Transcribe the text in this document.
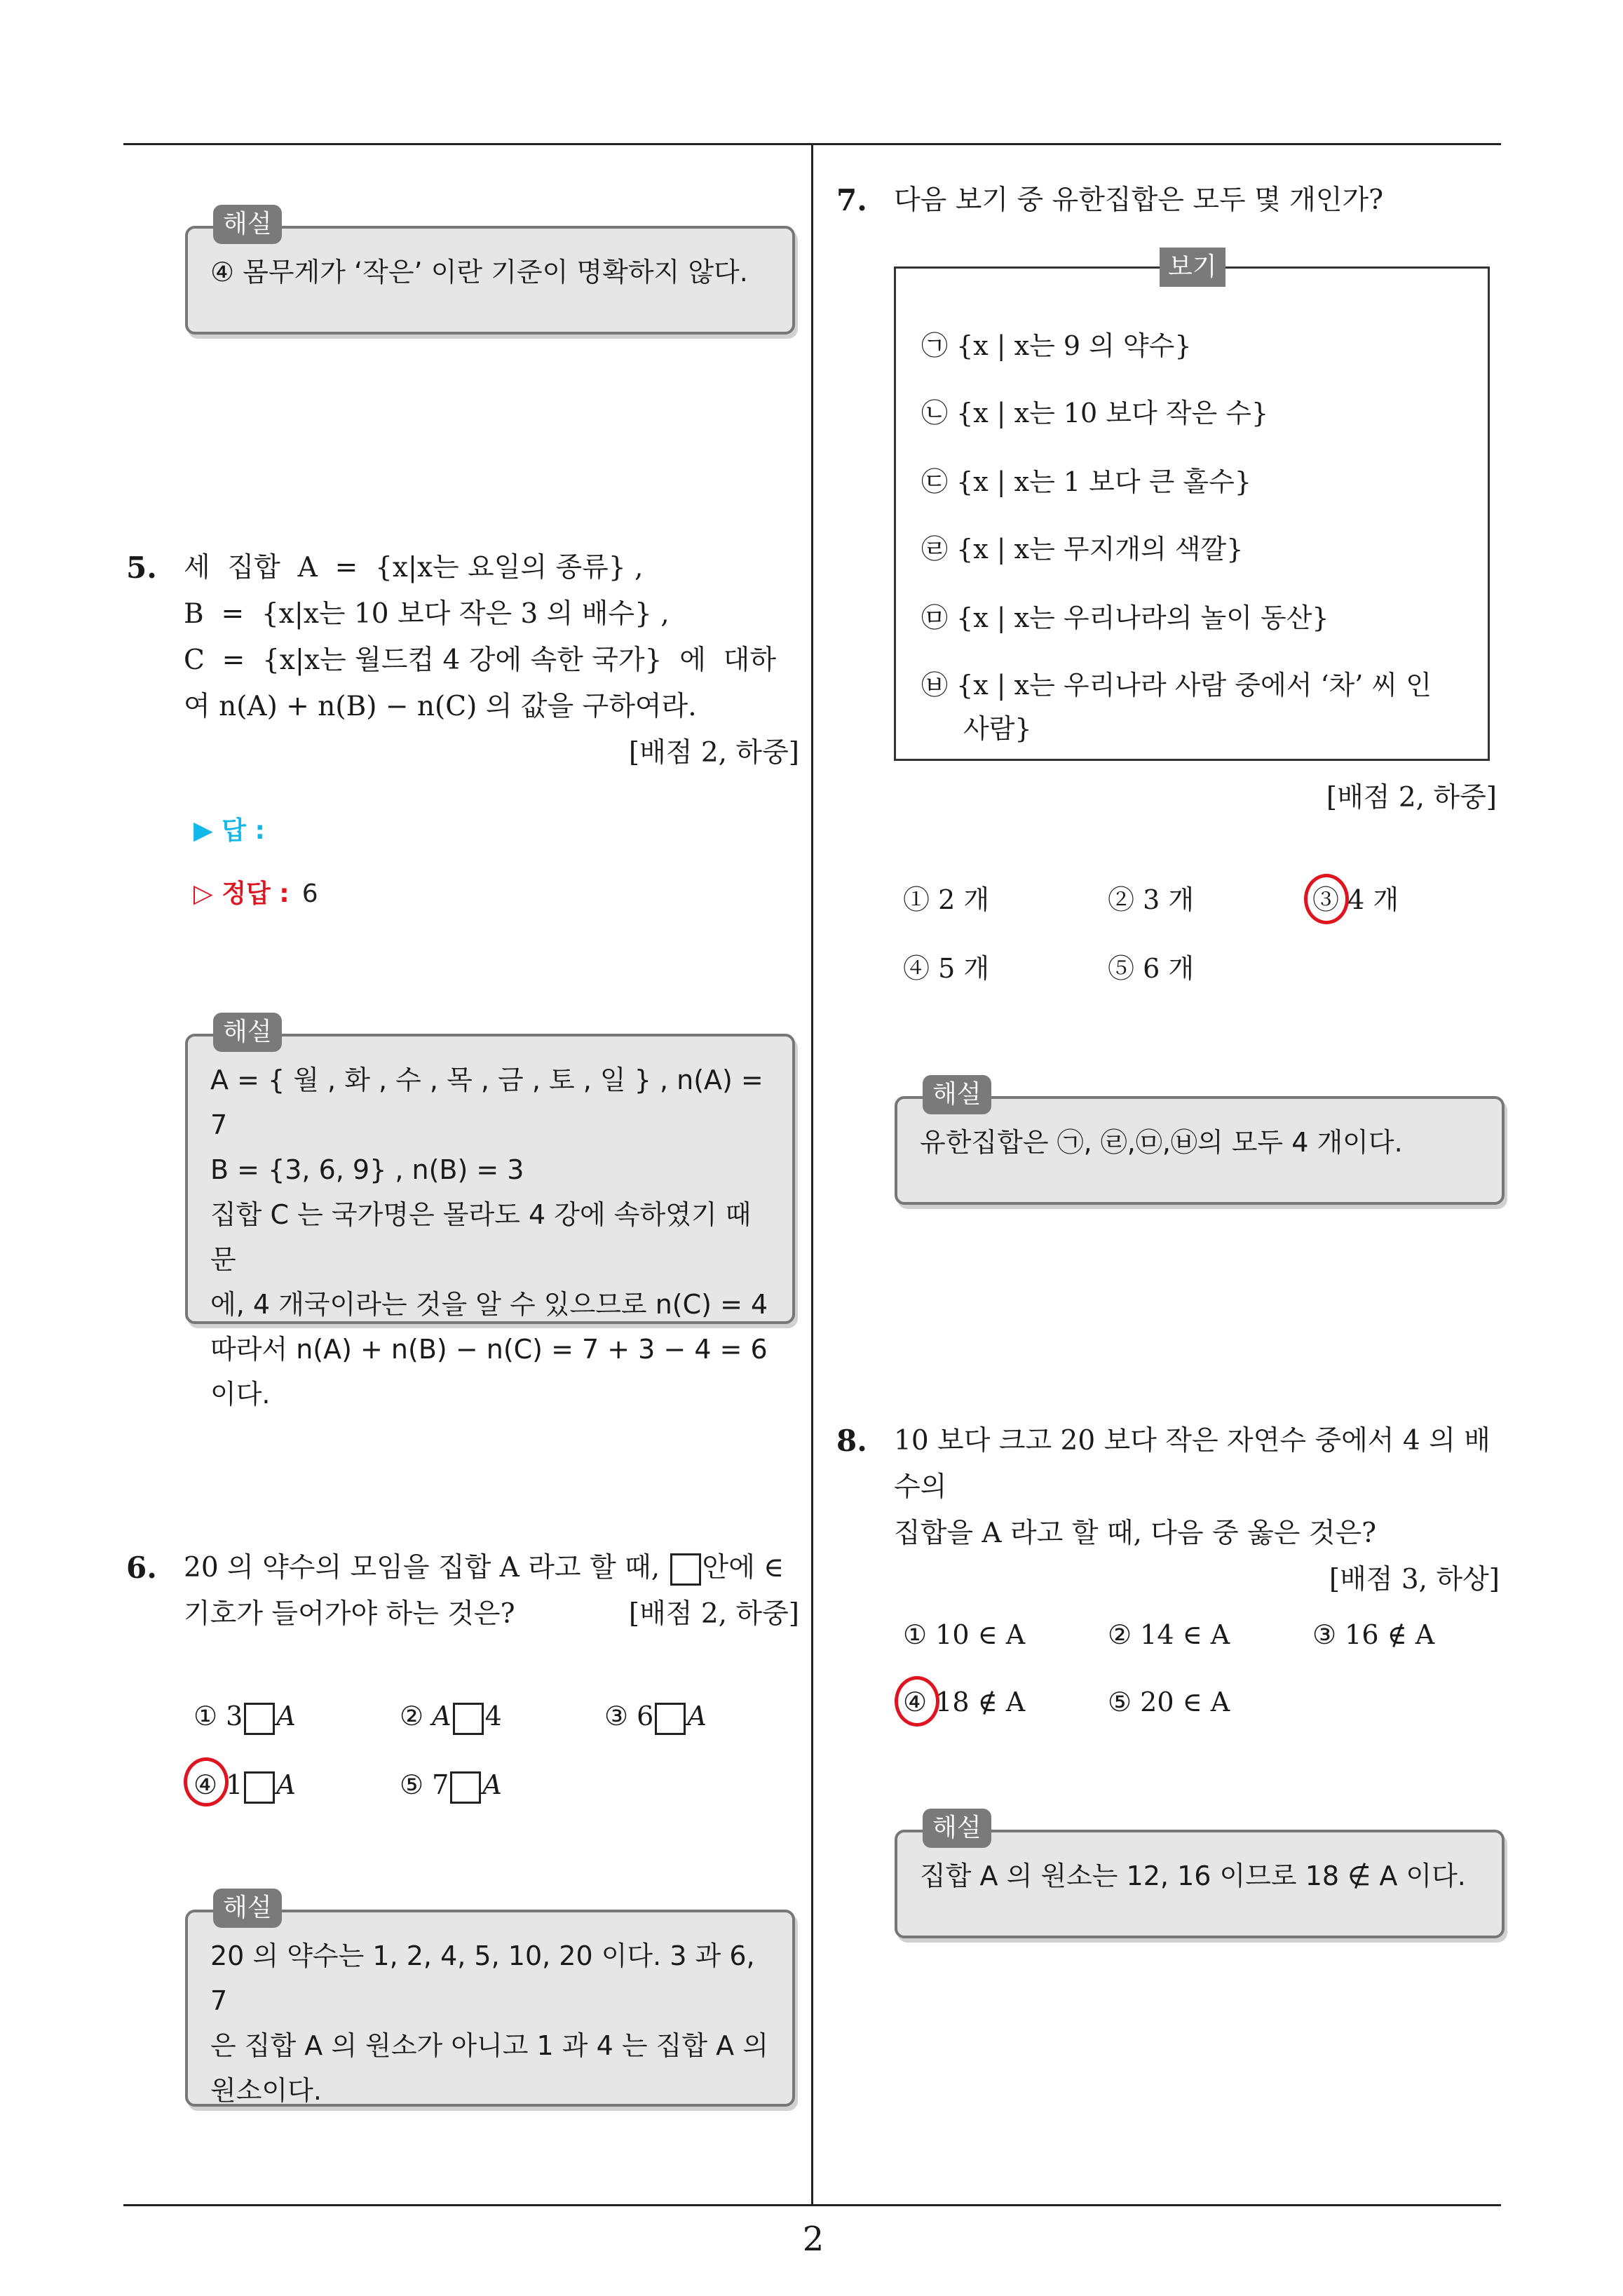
해설

④ 몸무게가 ‘작은’ 이란 기준이 명확하지 않다.

5. 세  집합  A  =  {x|x는 요일의 종류} ,

B  =  {x|x는 10 보다 작은 3 의 배수} ,

C  =  {x|x는 월드컵 4 강에 속한 국가}  에  대하

여 n(A) + n(B) − n(C) 의 값을 구하여라.

[배점 2, 하중]

▶ 답 :
▷ 정답 : 6
해설

A = { 월 , 화 , 수 , 목 , 금 , 토 , 일 } , n(A) = 7

B = {3, 6, 9} , n(B) = 3

집합 C 는 국가명은 몰라도 4 강에 속하였기 때문

에, 4 개국이라는 것을 알 수 있으므로 n(C) = 4

따라서 n(A) + n(B) − n(C) = 7 + 3 − 4 = 6 이다.

6. 20 의 약수의 모임을 집합 A 라고 할 때, 안에 ∈

기호가 들어가야 하는 것은?	[배점 2, 하중]

① 3 A	② A 4	③ 6 A
④ 1 A	⑤ 7 A
해설

20 의 약수는 1, 2, 4, 5, 10, 20 이다. 3 과 6, 7

은 집합 A 의 원소가 아니고 1 과 4 는 집합 A 의

원소이다.

7. 다음 보기 중 유한집합은 모두 몇 개인가?

보기
㉠ {x | x는 9 의 약수}
㉡ {x | x는 10 보다 작은 수}
㉢ {x | x는 1 보다 큰 홀수}
㉣ {x | x는 무지개의 색깔}
㉤ {x | x는 우리나라의 놀이 동산}
㉥ {x | x는 우리나라 사람 중에서 ‘차’ 씨 인
사람}

[배점 2, 하중]

① 2 개	② 3 개	③ 4 개
④ 5 개	⑤ 6 개
해설

유한집합은 ㉠, ㉣,㉤,㉥의 모두 4 개이다.

8. 10 보다 크고 20 보다 작은 자연수 중에서 4 의 배수의

집합을 A 라고 할 때, 다음 중 옳은 것은?

[배점 3, 하상]

① 10 ∈ A	② 14 ∈ A	③ 16 ∉ A
④ 18 ∉ A	⑤ 20 ∈ A
해설

집합 A 의 원소는 12, 16 이므로 18 ∉ A 이다.

2
